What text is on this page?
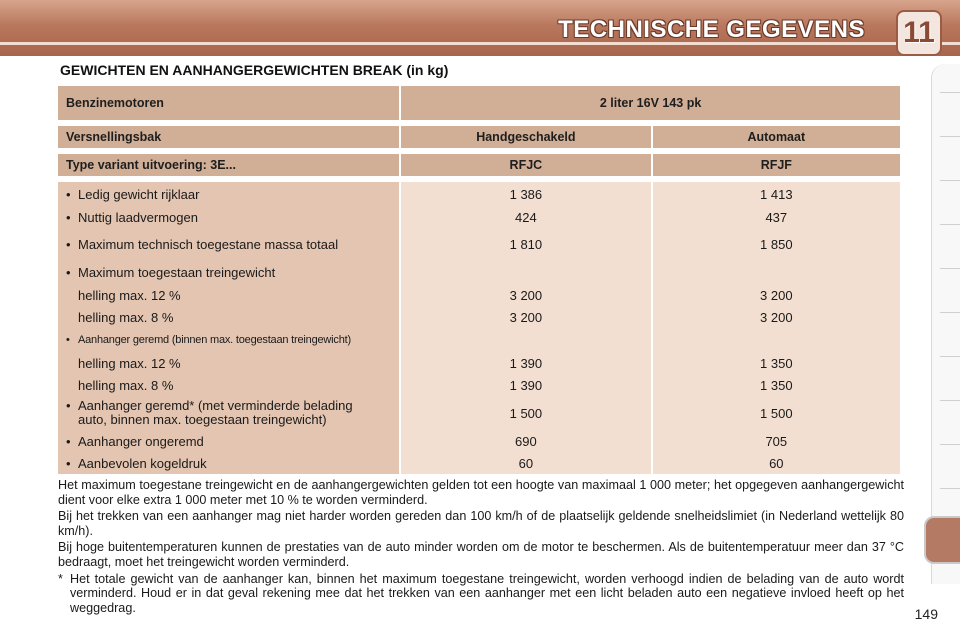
TECHNISCHE GEGEVENS 11
GEWICHTEN EN AANHANGERGEWICHTEN BREAK (in kg)
Benzinemotoren	2 liter 16V 143 pk	

Versnellingsbak	Handgeschakeld	Automaat

Type variant uitvoering: 3E...	RFJC	RFJF

• Ledig gewicht rijklaar	1 386	1 413
• Nuttig laadvermogen	424	437
• Maximum technisch toegestane massa totaal	1 810	1 850
• Maximum toegestaan treingewicht		
helling max. 12 %	3 200	3 200
helling max. 8 %	3 200	3 200
• Aanhanger geremd (binnen max. toegestaan treingewicht)		
helling max. 12 %	1 390	1 350
helling max. 8 %	1 390	1 350
• Aanhanger geremd* (met verminderde belading
auto, binnen max. toegestaan treingewicht)	1 500	1 500
• Aanhanger ongeremd	690	705
• Aanbevolen kogeldruk	60	60

Het maximum toegestane treingewicht en de aanhangergewichten gelden tot een hoogte van maximaal 1 000 meter; het opgegeven aanhangergewicht dient voor elke extra 1 000 meter met 10 % te worden verminderd.

Bij het trekken van een aanhanger mag niet harder worden gereden dan 100 km/h of de plaatselijk geldende snelheidslimiet (in Nederland wettelijk 80 km/h).

Bij hoge buitentemperaturen kunnen de prestaties van de auto minder worden om de motor te beschermen. Als de buitentemperatuur meer dan 37 °C bedraagt, moet het treingewicht worden verminderd.

* Het totale gewicht van de aanhanger kan, binnen het maximum toegestane treingewicht, worden verhoogd indien de belading van de auto wordt verminderd. Houd er in dat geval rekening mee dat het trekken van een aanhanger met een licht beladen auto een negatieve invloed heeft op het weggedrag.	149
